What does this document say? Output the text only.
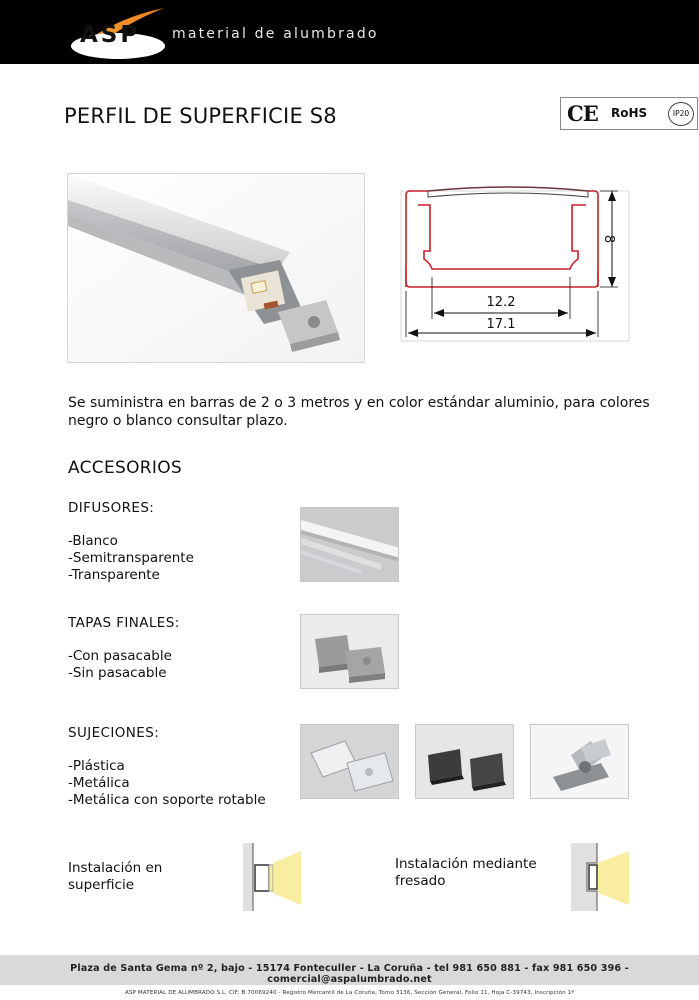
ASP material de alumbrado
PERFIL DE SUPERFICIE S8	CE RoHS	IP20
8
12.2
17.1
Se suministra en barras de 2 o 3 metros y en color estándar aluminio, para colores negro o blanco consultar plazo.
ACCESORIOS
DIFUSORES:
-Blanco
-Semitransparente
-Transparente
TAPAS FINALES:
-Con pasacable
-Sin pasacable
SUJECIONES:
-Plástica
-Metálica
-Metálica con soporte rotable
Instalación en
superficie
Instalación mediante
fresado
Plaza de Santa Gema nº 2, bajo - 15174 Fonteculler - La Coruña - tel 981 650 881 - fax 981 650 396 - comercial@aspalumbrado.net
ASP MATERIAL DE ALUMBRADO S.L. CIF: B 70069240 - Registro Mercantil de La Coruña, Tomo 3136, Sección General, Folio 11, Hoja C-39743, Inscripción 1ª
